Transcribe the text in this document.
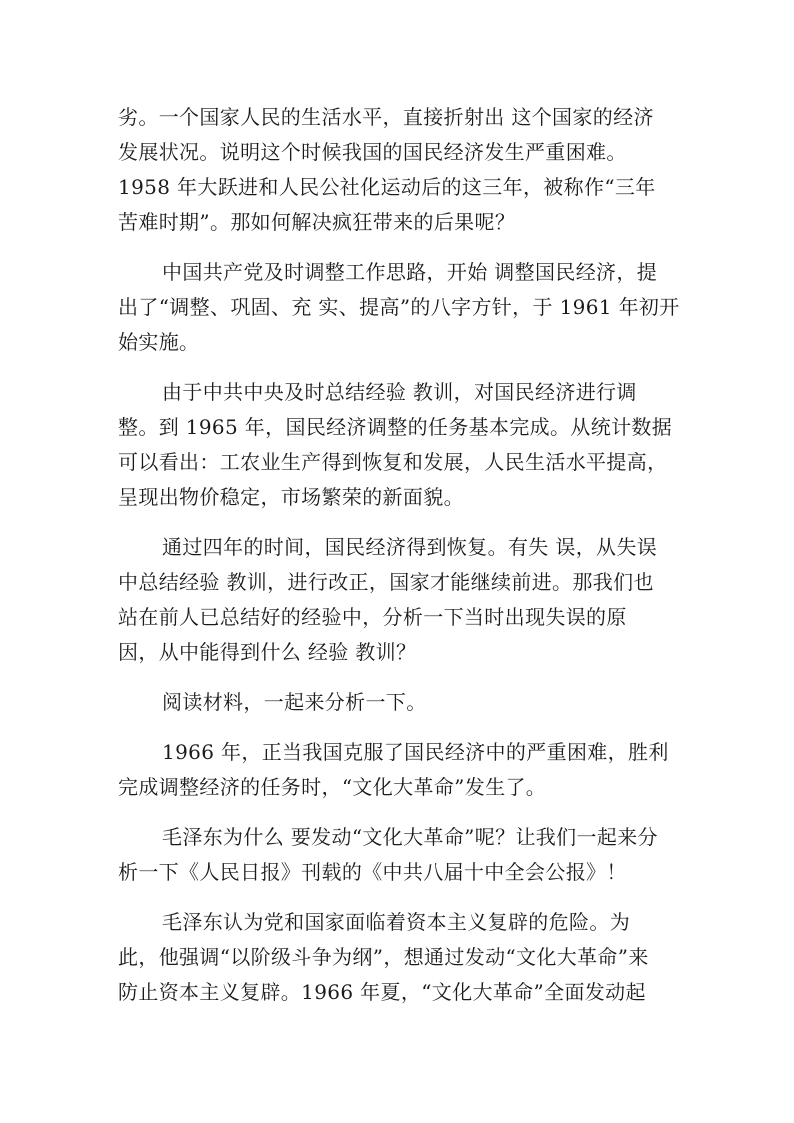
劣。一个国家人民的生活水平，直接折射出 这个国家的经济
发展状况。说明这个时候我国的国民经济发生严重困难。
1958 年大跃进和人民公社化运动后的这三年，被称作“三年
苦难时期”。那如何解决疯狂带来的后果呢？
中国共产党及时调整工作思路，开始 调整国民经济，提
出了“调整、巩固、充 实、提高”的八字方针，于 1961 年初开
始实施。
由于中共中央及时总结经验 教训，对国民经济进行调
整。到 1965 年，国民经济调整的任务基本完成。从统计数据
可以看出：工农业生产得到恢复和发展，人民生活水平提高，
呈现出物价稳定，市场繁荣的新面貌。
通过四年的时间，国民经济得到恢复。有失 误，从失误
中总结经验 教训，进行改正，国家才能继续前进。那我们也
站在前人已总结好的经验中，分析一下当时出现失误的原
因，从中能得到什么 经验 教训？
阅读材料，一起来分析一下。
1966 年，正当我国克服了国民经济中的严重困难，胜利
完成调整经济的任务时，“文化大革命”发生了。
毛泽东为什么 要发动“文化大革命”呢？让我们一起来分
析一下《人民日报》刊载的《中共八届十中全会公报》！
毛泽东认为党和国家面临着资本主义复辟的危险。为
此，他强调“以阶级斗争为纲”，想通过发动“文化大革命”来
防止资本主义复辟。1966 年夏，“文化大革命”全面发动起
